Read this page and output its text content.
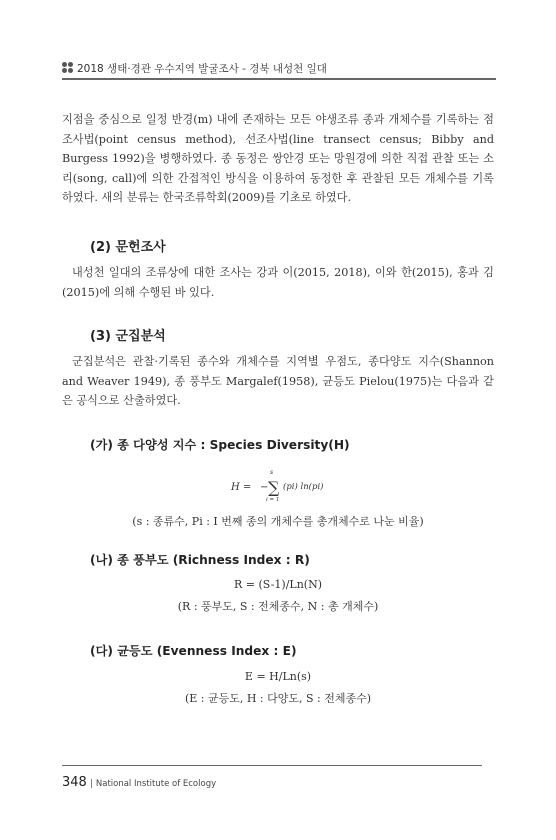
2018 생태·경관 우수지역 발굴조사 - 경북 내성천 일대

지점을 중심으로 일정 반경(m) 내에 존재하는 모든 야생조류 종과 개체수를 기록하는 점조사법(point census method), 선조사법(line transect census; Bibby and Burgess 1992)을 병행하였다. 종 동정은 쌍안경 또는 망원경에 의한 직접 관찰 또는 소리(song, call)에 의한 간접적인 방식을 이용하여 동정한 후 관찰된 모든 개체수를 기록하였다. 새의 분류는 한국조류학회(2009)를 기초로 하였다.

(2) 문헌조사

내성천 일대의 조류상에 대한 조사는 강과 이(2015, 2018), 이와 한(2015), 홍과 김(2015)에 의해 수행된 바 있다.

(3) 군집분석

군집분석은 관찰·기록된 종수와 개체수를 지역별 우점도, 종다양도 지수(Shannon and Weaver 1949), 종 풍부도 Margalef(1958), 균등도 Pielou(1975)는 다음과 같은 공식으로 산출하였다.

(가) 종 다양성 지수 : Species Diversity(H)
H = − ∑
s
i = 1
(pi) ln(pi)
(s : 종류수, Pi : I 번째 종의 개체수를 총개체수로 나눈 비율)
(나) 종 풍부도 (Richness Index : R)
R = (S-1)/Ln(N)
(R : 풍부도, S : 전체종수, N : 총 개체수)
(다) 균등도 (Evenness Index : E)
E = H/Ln(s)
(E : 균등도, H : 다양도, S : 전체종수)
348 | National Institute of Ecology
